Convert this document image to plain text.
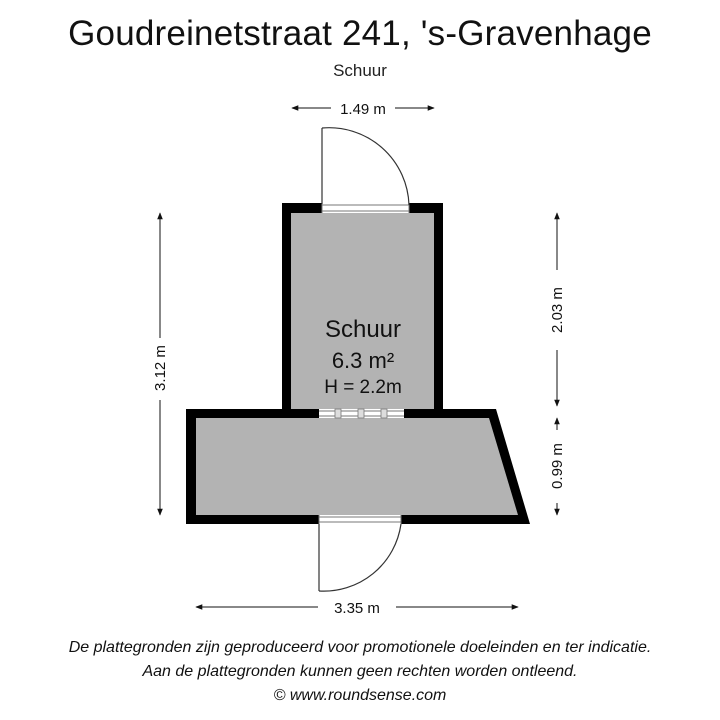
Goudreinetstraat 241, 's-Gravenhage
Schuur
Schuur
6.3 m²
H = 2.2m
1.49 m
3.12 m
2.03 m
0.99 m
3.35 m
De plattegronden zijn geproduceerd voor promotionele doeleinden en ter indicatie.
Aan de plattegronden kunnen geen rechten worden ontleend.
© www.roundsense.com
